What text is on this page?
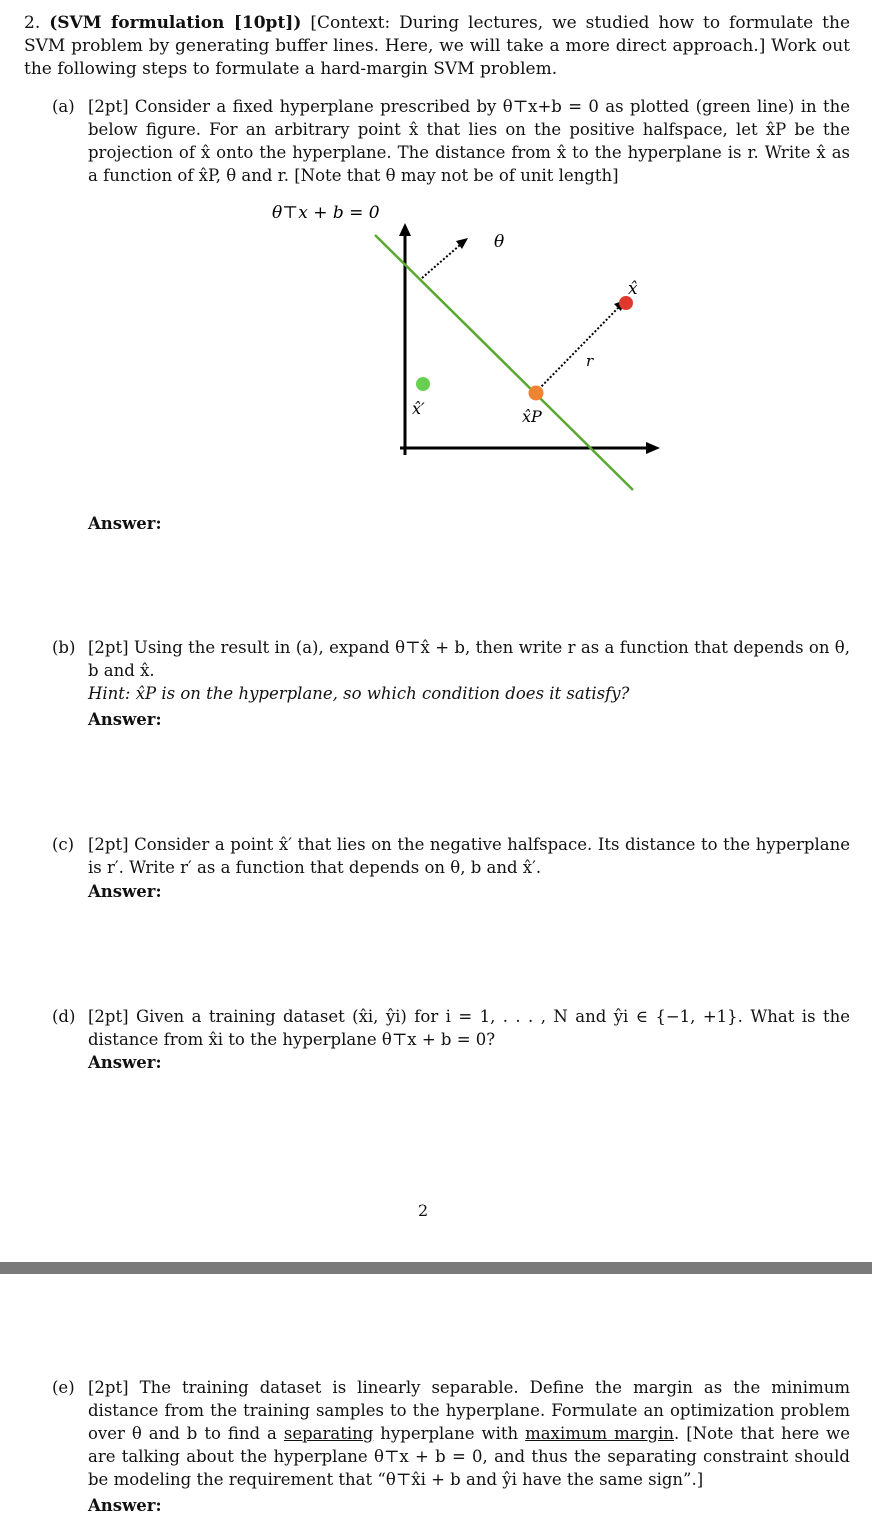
2. (SVM formulation [10pt]) [Context: During lectures, we studied how to formulate the SVM problem by generating buffer lines. Here, we will take a more direct approach.] Work out the following steps to formulate a hard-margin SVM problem.
(a) [2pt] Consider a fixed hyperplane prescribed by θ⊤x+b = 0 as plotted (green line) in the below figure. For an arbitrary point x̂ that lies on the positive halfspace, let x̂P be the projection of x̂ onto the hyperplane. The distance from x̂ to the hyperplane is r. Write x̂ as a function of x̂P, θ and r. [Note that θ may not be of unit length]
θ⊤x + b = 0
θ
r
x̂
x̂P
x̂′
Answer:
(b) [2pt] Using the result in (a), expand θ⊤x̂ + b, then write r as a function that depends on θ, b and x̂.
Hint: x̂P is on the hyperplane, so which condition does it satisfy?
Answer:
(c) [2pt] Consider a point x̂′ that lies on the negative halfspace. Its distance to the hyperplane is r′. Write r′ as a function that depends on θ, b and x̂′.
Answer:
(d) [2pt] Given a training dataset (x̂i, ŷi) for i = 1, . . . , N and ŷi ∈ {−1, +1}. What is the distance from x̂i to the hyperplane θ⊤x + b = 0?
Answer:
2
(e) [2pt] The training dataset is linearly separable. Define the margin as the minimum distance from the training samples to the hyperplane. Formulate an optimization problem over θ and b to find a separating hyperplane with maximum margin. [Note that here we are talking about the hyperplane θ⊤x + b = 0, and thus the separating constraint should be modeling the requirement that “θ⊤x̂i + b and ŷi have the same sign”.]
Answer:
